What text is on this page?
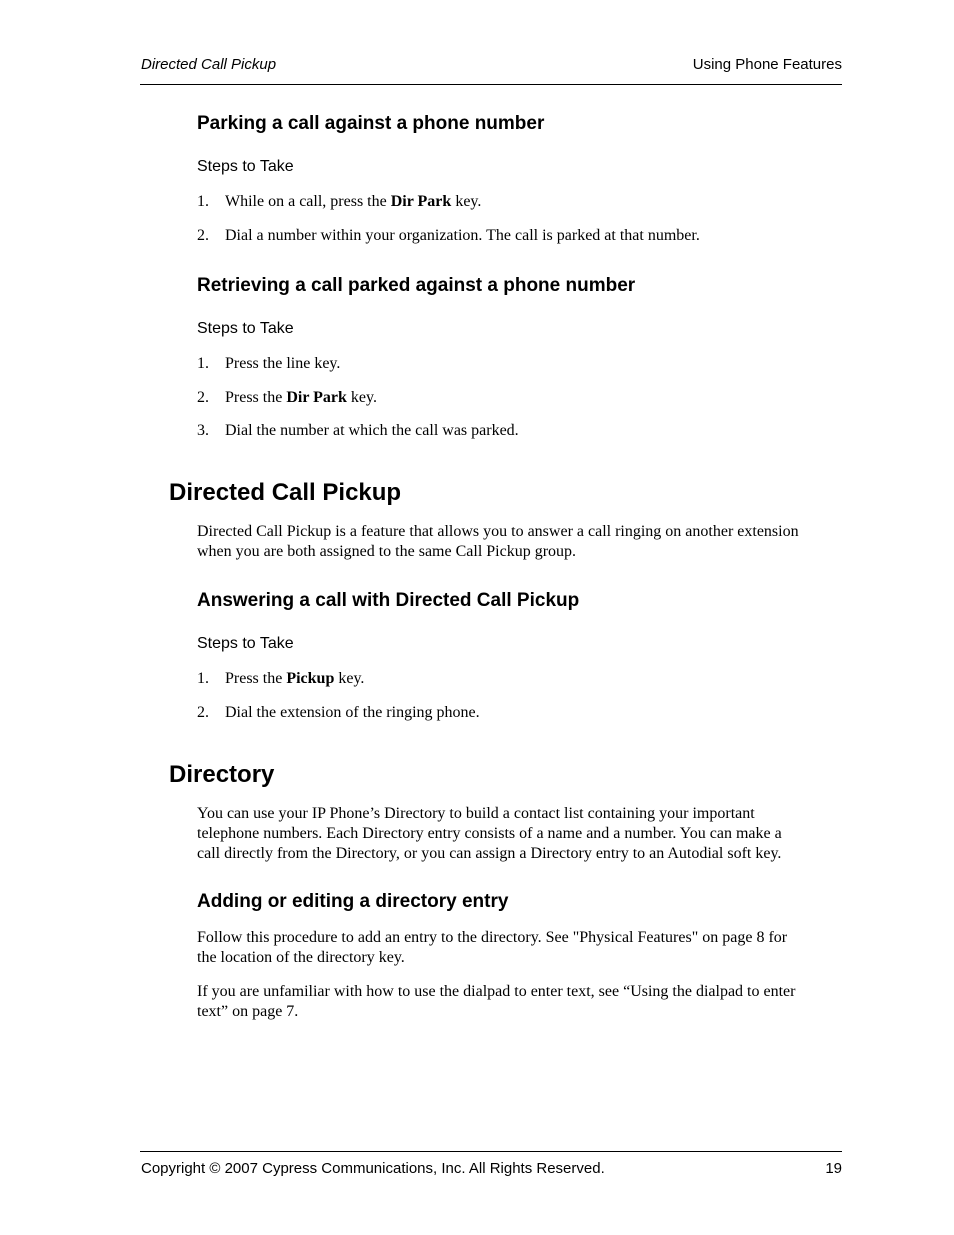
Directed Call Pickup	Using Phone Features
Parking a call against a phone number
Steps to Take
1. While on a call, press the Dir Park key.
2. Dial a number within your organization. The call is parked at that number.
Retrieving a call parked against a phone number
Steps to Take
1. Press the line key.
2. Press the Dir Park key.
3. Dial the number at which the call was parked.
Directed Call Pickup
Directed Call Pickup is a feature that allows you to answer a call ringing on another extension
when you are both assigned to the same Call Pickup group.
Answering a call with Directed Call Pickup
Steps to Take
1. Press the Pickup key.
2. Dial the extension of the ringing phone.
Directory
You can use your IP Phone’s Directory to build a contact list containing your important
telephone numbers. Each Directory entry consists of a name and a number. You can make a
call directly from the Directory, or you can assign a Directory entry to an Autodial soft key.
Adding or editing a directory entry
Follow this procedure to add an entry to the directory. See "Physical Features" on page 8 for
the location of the directory key.
If you are unfamiliar with how to use the dialpad to enter text, see “Using the dialpad to enter
text” on page 7.
Copyright © 2007 Cypress Communications, Inc. All Rights Reserved.	19
